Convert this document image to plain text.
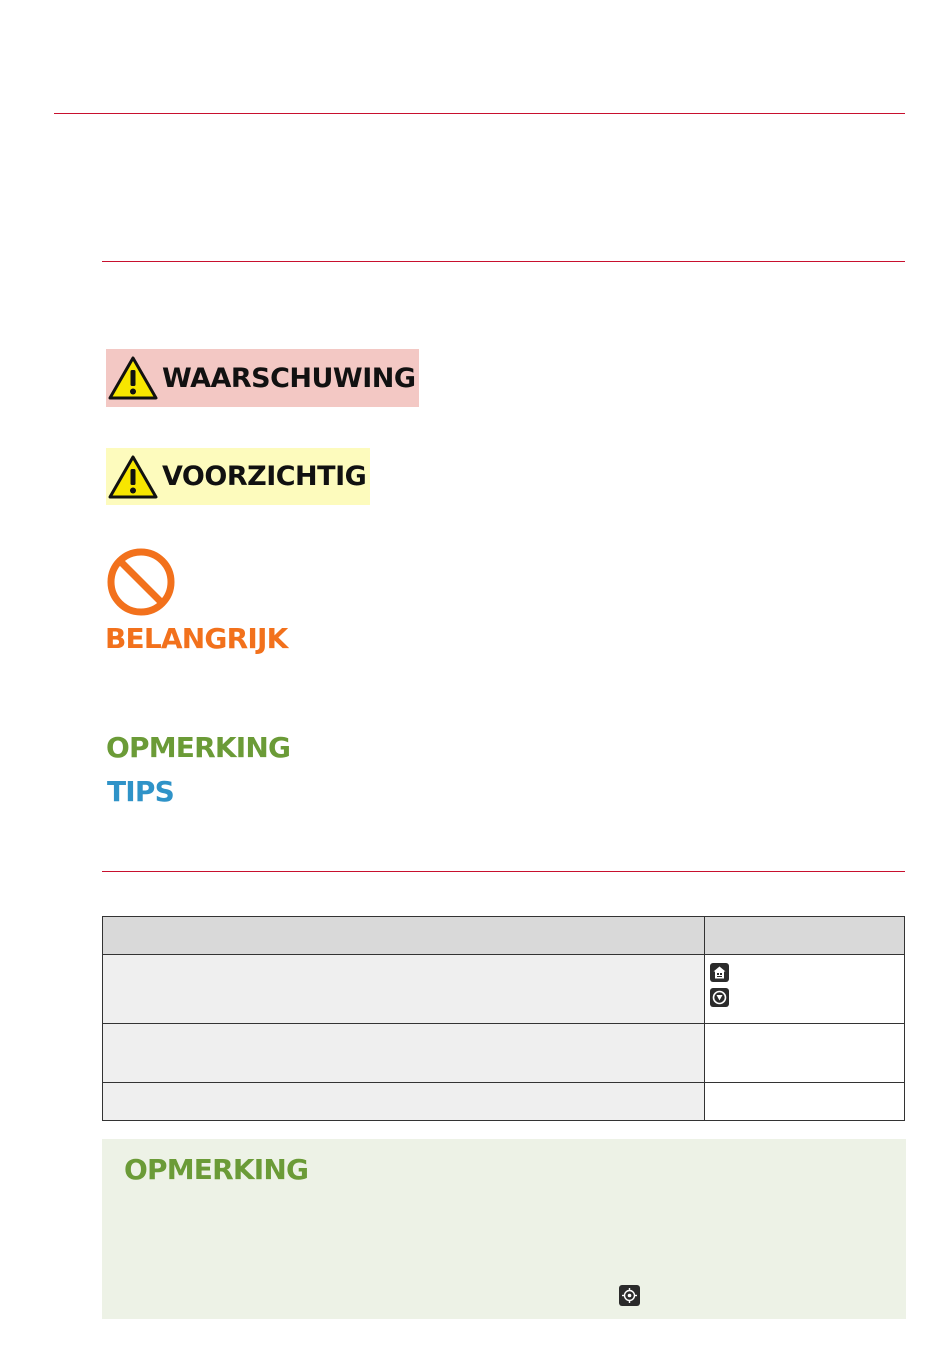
WAARSCHUWING
VOORZICHTIG
BELANGRIJK
OPMERKING
TIPS

OPMERKING
